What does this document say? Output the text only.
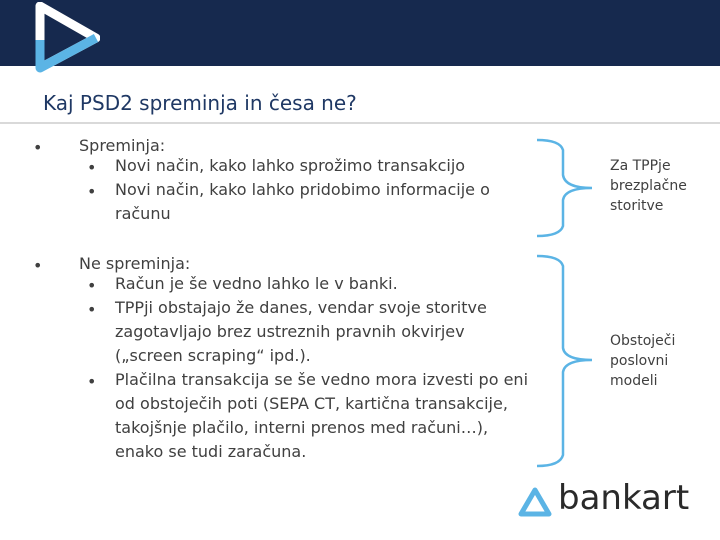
Kaj PSD2 spreminja in česa ne?
• Spreminja:
• Novi način, kako lahko sprožimo transakcijo
• Novi način, kako lahko pridobimo informacije o
računu
• Ne spreminja:
• Račun je še vedno lahko le v banki.
• TPPji obstajajo že danes, vendar svoje storitve
zagotavljajo brez ustreznih pravnih okvirjev
(„screen scraping“ ipd.).
• Plačilna transakcija se še vedno mora izvesti po eni
od obstoječih poti (SEPA CT, kartična transakcije,
takojšnje plačilo, interni prenos med računi…),
enako se tudi zaračuna.
Za TPPje
brezplačne
storitve
Obstoječi
poslovni
modeli
bankart
